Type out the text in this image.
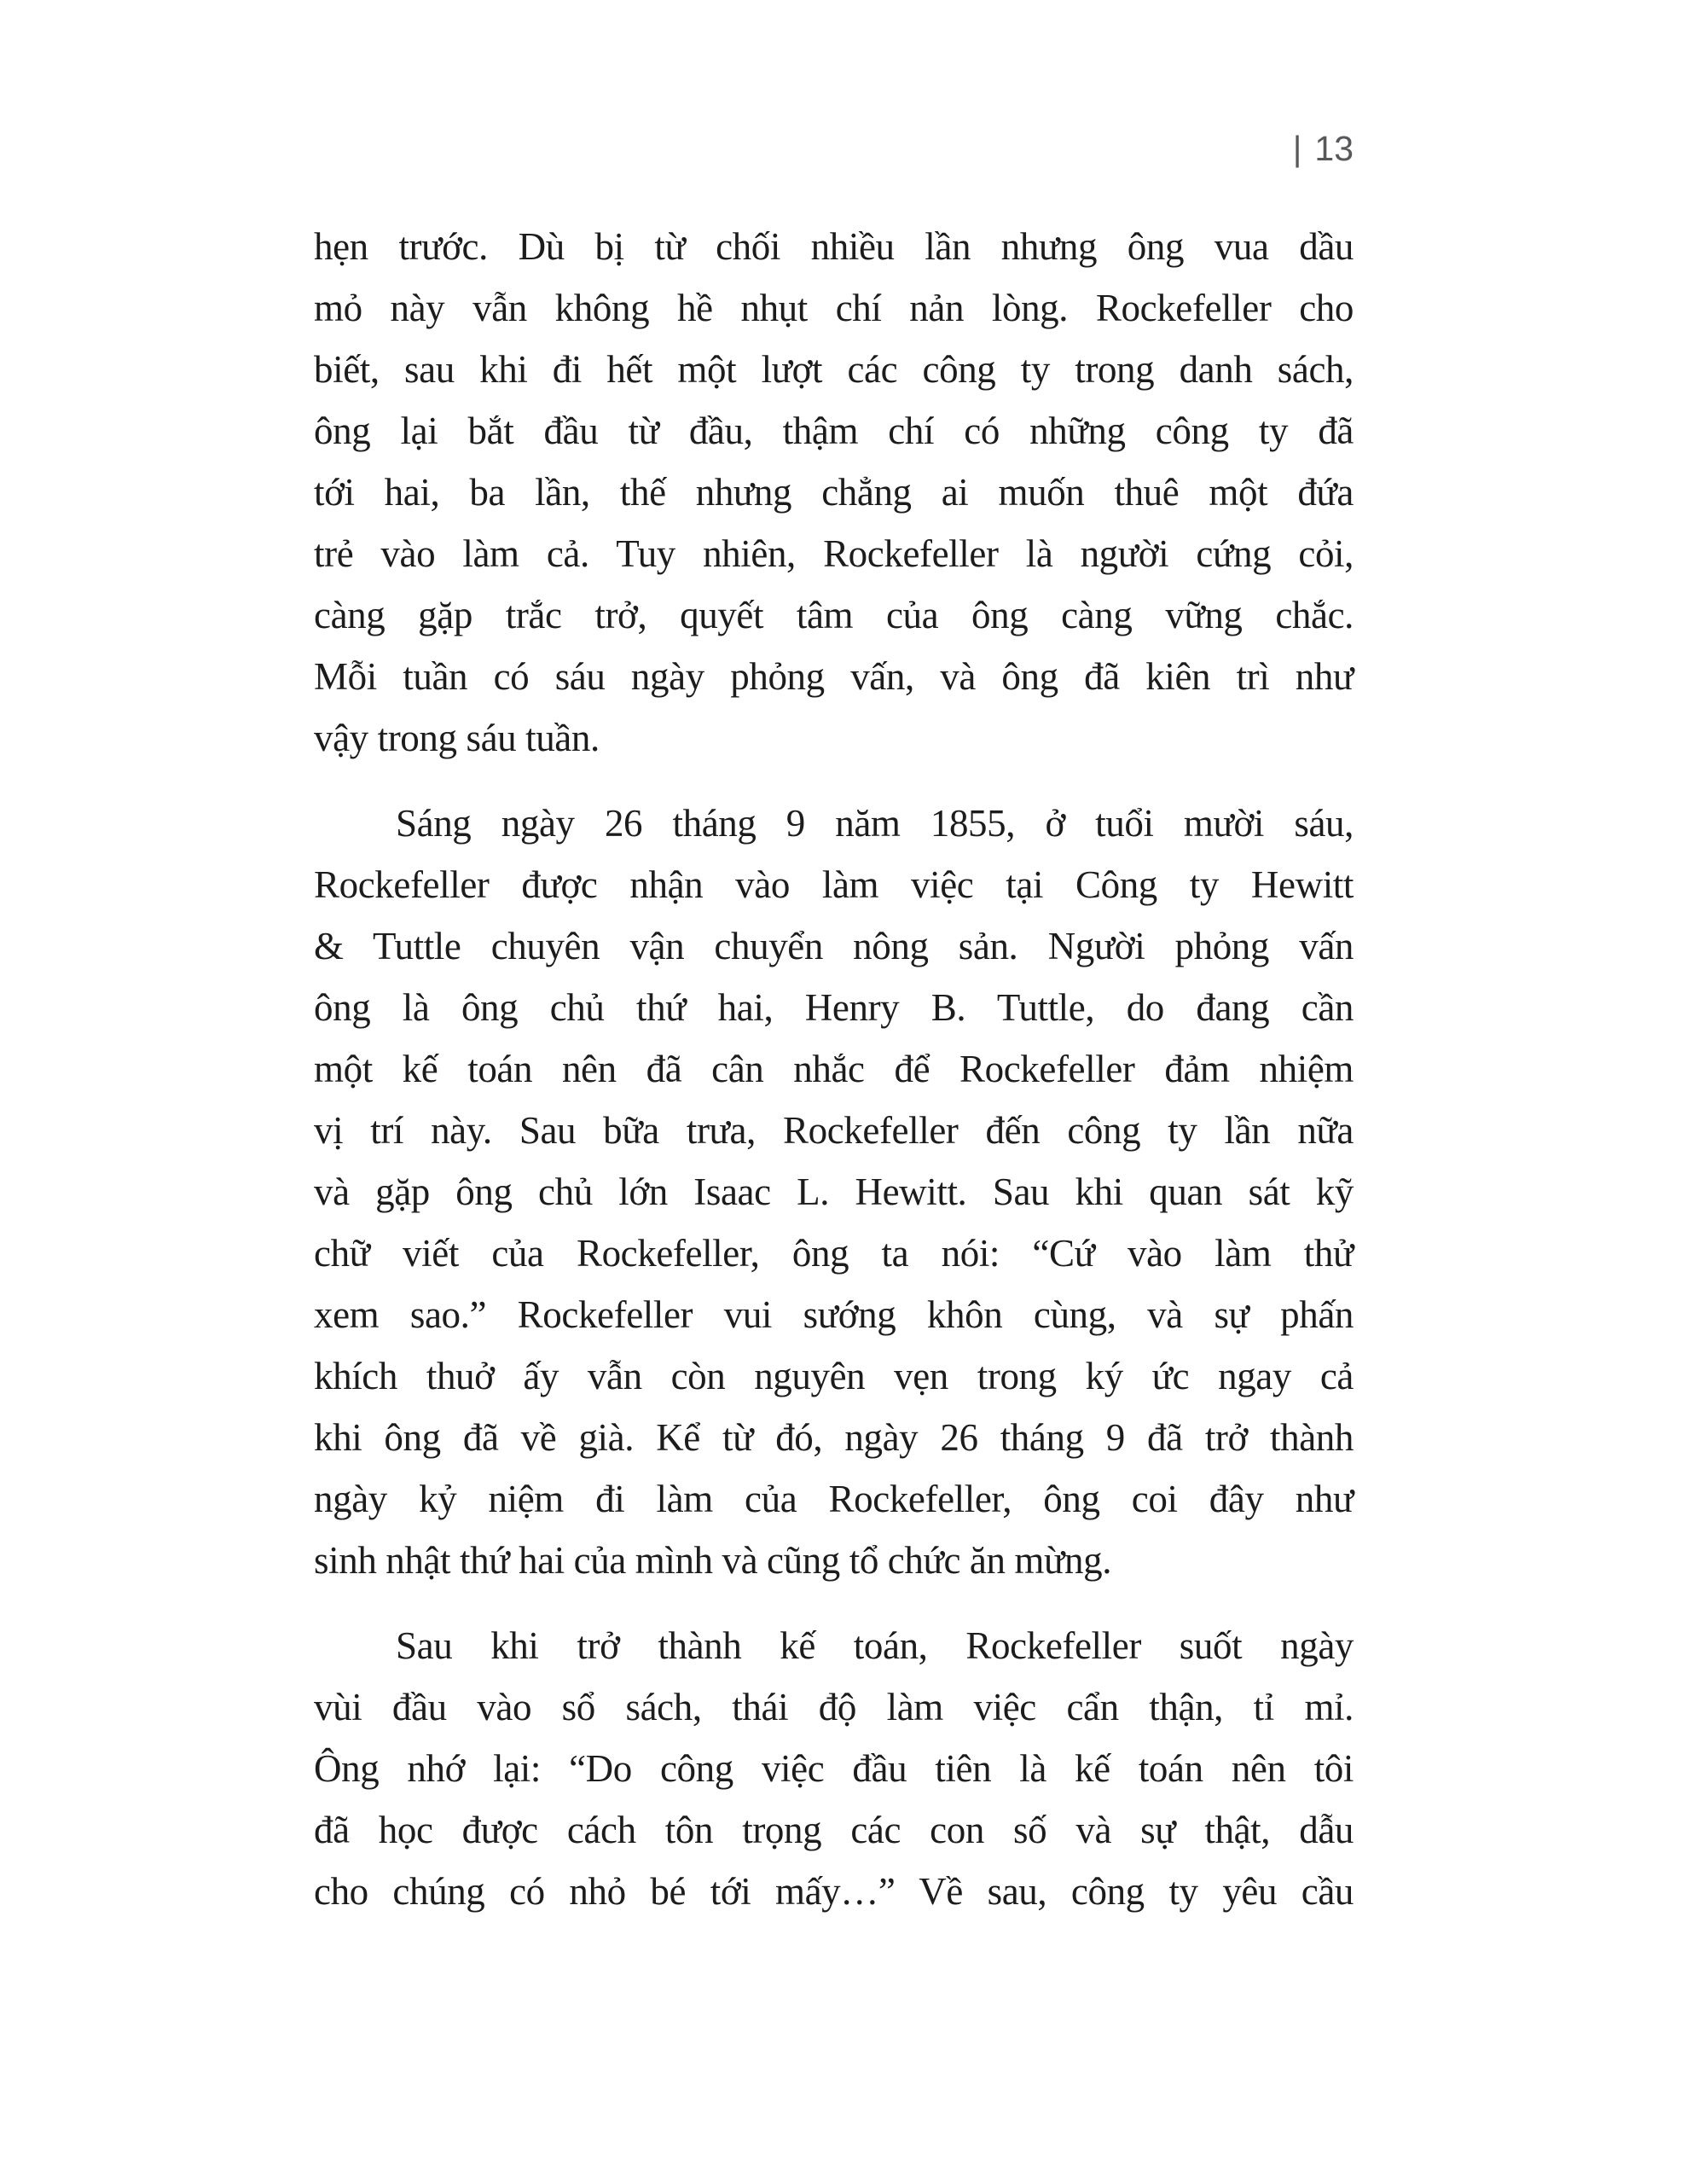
| 13
hẹn trước. Dù bị từ chối nhiều lần nhưng ông vua dầu
mỏ này vẫn không hề nhụt chí nản lòng. Rockefeller cho
biết, sau khi đi hết một lượt các công ty trong danh sách,
ông lại bắt đầu từ đầu, thậm chí có những công ty đã
tới hai, ba lần, thế nhưng chẳng ai muốn thuê một đứa
trẻ vào làm cả. Tuy nhiên, Rockefeller là người cứng cỏi,
càng gặp trắc trở, quyết tâm của ông càng vững chắc.
Mỗi tuần có sáu ngày phỏng vấn, và ông đã kiên trì như
vậy trong sáu tuần.
Sáng ngày 26 tháng 9 năm 1855, ở tuổi mười sáu,
Rockefeller được nhận vào làm việc tại Công ty Hewitt
& Tuttle chuyên vận chuyển nông sản. Người phỏng vấn
ông là ông chủ thứ hai, Henry B. Tuttle, do đang cần
một kế toán nên đã cân nhắc để Rockefeller đảm nhiệm
vị trí này. Sau bữa trưa, Rockefeller đến công ty lần nữa
và gặp ông chủ lớn Isaac L. Hewitt. Sau khi quan sát kỹ
chữ viết của Rockefeller, ông ta nói: “Cứ vào làm thử
xem sao.” Rockefeller vui sướng khôn cùng, và sự phấn
khích thuở ấy vẫn còn nguyên vẹn trong ký ức ngay cả
khi ông đã về già. Kể từ đó, ngày 26 tháng 9 đã trở thành
ngày kỷ niệm đi làm của Rockefeller, ông coi đây như
sinh nhật thứ hai của mình và cũng tổ chức ăn mừng.
Sau khi trở thành kế toán, Rockefeller suốt ngày
vùi đầu vào sổ sách, thái độ làm việc cẩn thận, tỉ mỉ.
Ông nhớ lại: “Do công việc đầu tiên là kế toán nên tôi
đã học được cách tôn trọng các con số và sự thật, dẫu
cho chúng có nhỏ bé tới mấy…” Về sau, công ty yêu cầu
